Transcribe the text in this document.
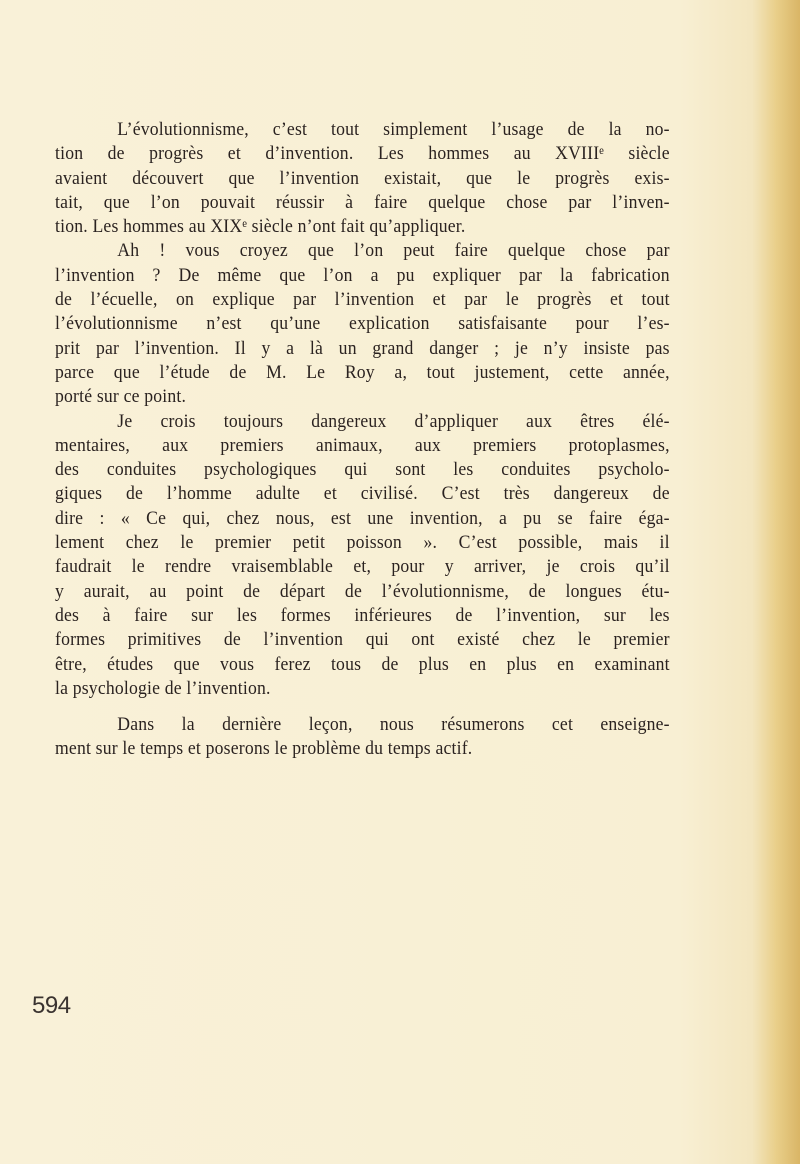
L’évolutionnisme, c’est tout simplement l’usage de la no-
tion de progrès et d’invention. Les hommes au XVIIIᵉ siècle
avaient découvert que l’invention existait, que le progrès exis-
tait, que l’on pouvait réussir à faire quelque chose par l’inven-
tion. Les hommes au XIXᵉ siècle n’ont fait qu’appliquer.
Ah ! vous croyez que l’on peut faire quelque chose par
l’invention ? De même que l’on a pu expliquer par la fabrication
de l’écuelle, on explique par l’invention et par le progrès et tout
l’évolutionnisme n’est qu’une explication satisfaisante pour l’es-
prit par l’invention. Il y a là un grand danger ; je n’y insiste pas
parce que l’étude de M. Le Roy a, tout justement, cette année,
porté sur ce point.
Je crois toujours dangereux d’appliquer aux êtres élé-
mentaires, aux premiers animaux, aux premiers protoplasmes,
des conduites psychologiques qui sont les conduites psycholo-
giques de l’homme adulte et civilisé. C’est très dangereux de
dire : « Ce qui, chez nous, est une invention, a pu se faire éga-
lement chez le premier petit poisson ». C’est possible, mais il
faudrait le rendre vraisemblable et, pour y arriver, je crois qu’il
y aurait, au point de départ de l’évolutionnisme, de longues étu-
des à faire sur les formes inférieures de l’invention, sur les
formes primitives de l’invention qui ont existé chez le premier
être, études que vous ferez tous de plus en plus en examinant
la psychologie de l’invention.
Dans la dernière leçon, nous résumerons cet enseigne-
ment sur le temps et poserons le problème du temps actif.
594
